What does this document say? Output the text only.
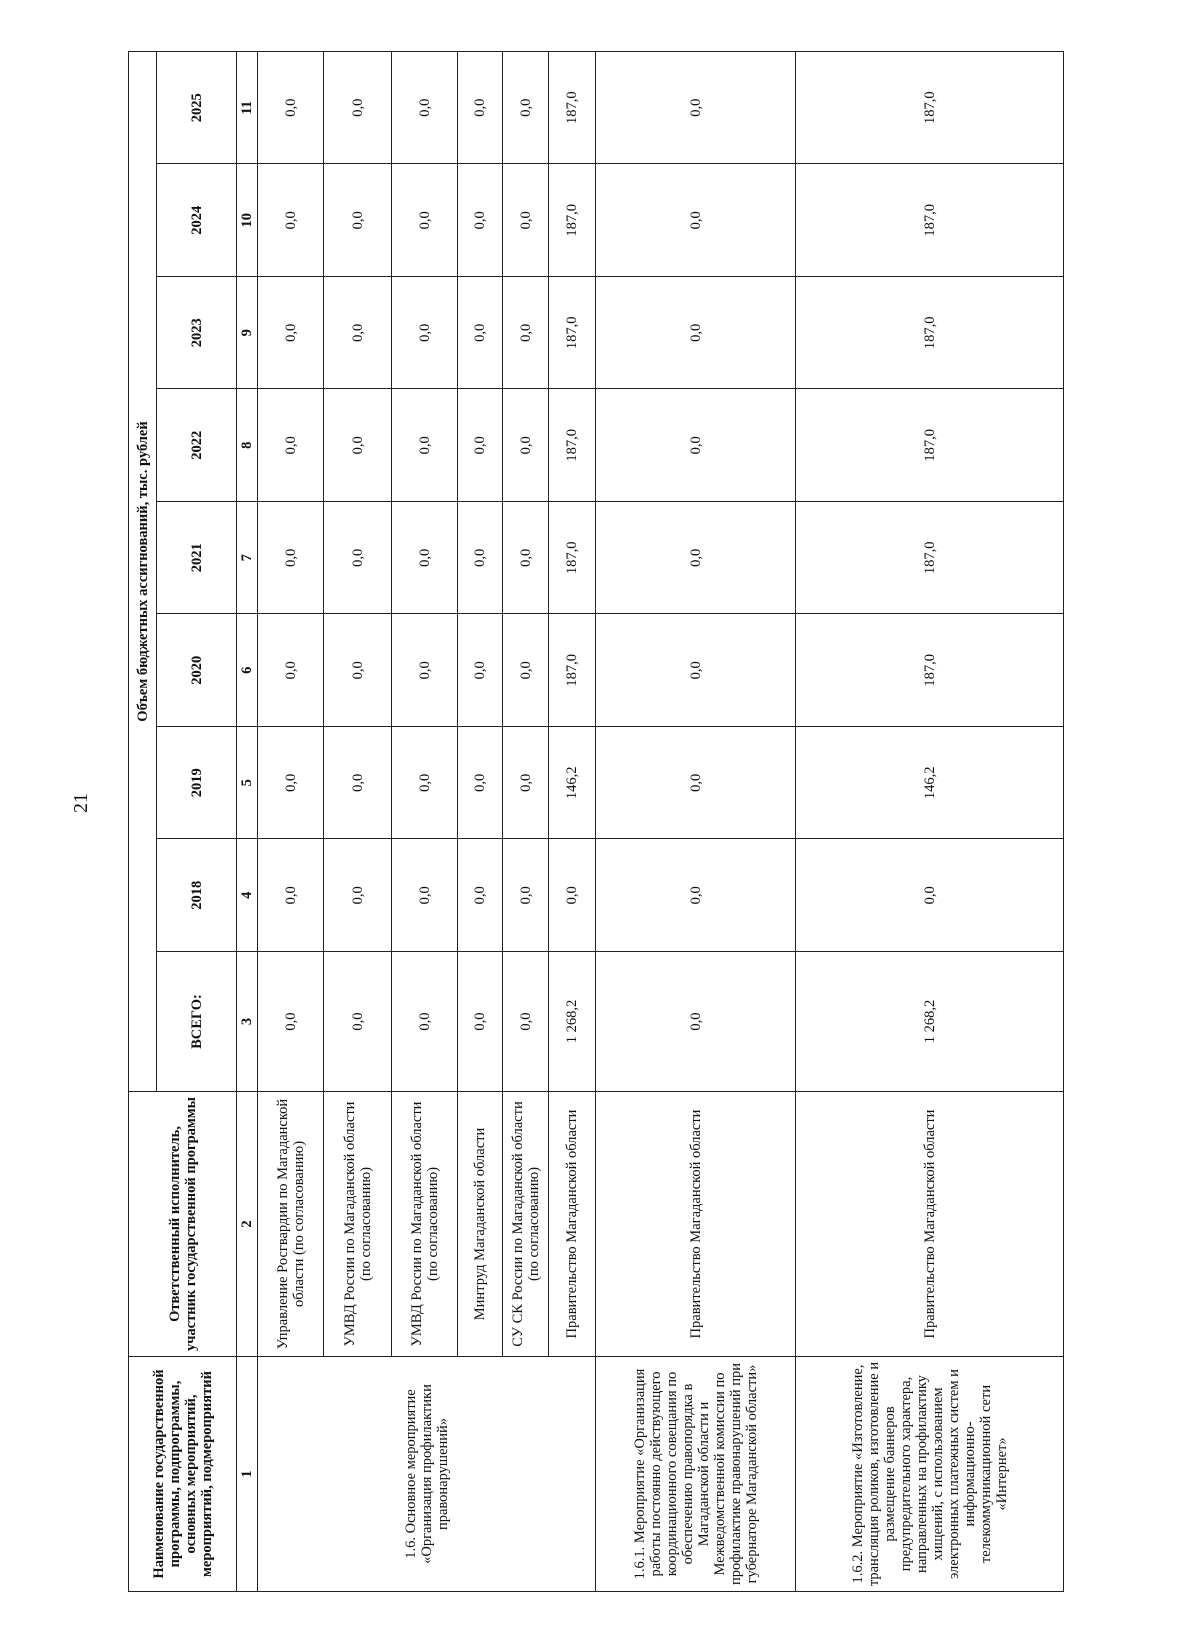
21
Наименование государственной программы, подпрограммы, основных мероприятий, мероприятий, подмероприятий	Ответственный исполнитель, участник государственной программы	Объем бюджетных ассигнований, тыс. рублей								
		ВСЕГО:	2018	2019	2020	2021	2022	2023	2024	2025
1	2	3	4	5	6	7	8	9	10	11
1.6. Основное мероприятие «Организация профилактики правонарушений»	Управление Росгвардии по Магаданской области (по согласованию)	0,0	0,0	0,0	0,0	0,0	0,0	0,0	0,0	0,0
	УМВД России по Магаданской области (по согласованию)	0,0	0,0	0,0	0,0	0,0	0,0	0,0	0,0	0,0
	УМВД России по Магаданской области (по согласованию)	0,0	0,0	0,0	0,0	0,0	0,0	0,0	0,0	0,0
	Минтруд Магаданской области	0,0	0,0	0,0	0,0	0,0	0,0	0,0	0,0	0,0
	СУ СК России по Магаданской области (по согласованию)	0,0	0,0	0,0	0,0	0,0	0,0	0,0	0,0	0,0
	Правительство Магаданской области	1 268,2	0,0	146,2	187,0	187,0	187,0	187,0	187,0	187,0
1.6.1. Мероприятие «Организация работы постоянно действующего координационного совещания по обеспечению правопорядка в Магаданской области и Межведомственной комиссии по профилактике правонарушений при губернаторе Магаданской области»	Правительство Магаданской области	0,0	0,0	0,0	0,0	0,0	0,0	0,0	0,0	0,0
1.6.2. Мероприятие «Изготовление, трансляция роликов, изготовление и размещение баннеров предупредительного характера, направленных на профилактику хищений, с использованием электронных платежных систем и информационно-телекоммуникационной сети «Интернет»	Правительство Магаданской области	1 268,2	0,0	146,2	187,0	187,0	187,0	187,0	187,0	187,0
